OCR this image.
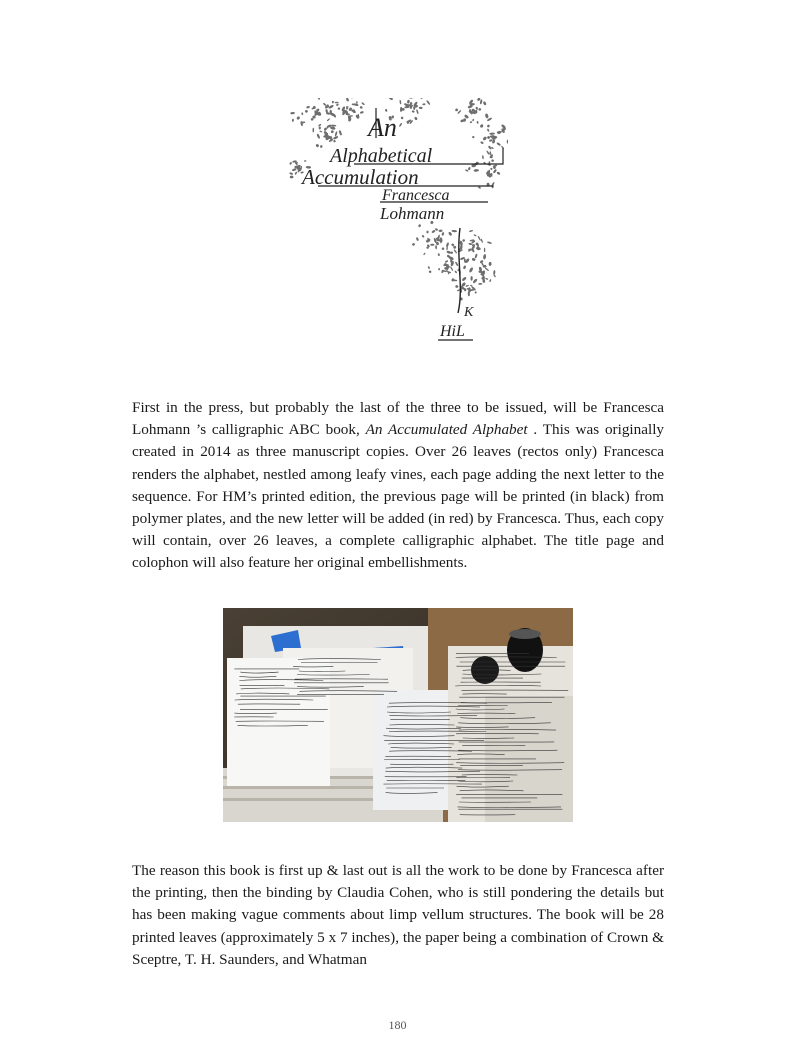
An
Alphabetical
Accumulation
Francesca
Lohmann
K
HiL

First in the press, but probably the last of the three to be issued, will be Francesca Lohmann ’s calligraphic ABC book, An Accumulated Alphabet . This was originally created in 2014 as three manuscript copies. Over 26 leaves (rectos only) Francesca renders the alphabet, nestled among leafy vines, each page adding the next letter to the sequence. For HM’s printed edition, the previous page will be printed (in black) from polymer plates, and the new letter will be added (in red) by Francesca. Thus, each copy will contain, over 26 leaves, a complete calligraphic alphabet. The title page and colophon will also feature her original embellishments.

The reason this book is first up & last out is all the work to be done by Francesca after the printing, then the binding by Claudia Cohen, who is still pondering the details but has been making vague comments about limp vellum structures. The book will be 28 printed leaves (approximately 5 x 7 inches), the paper being a combination of Crown & Sceptre, T. H. Saunders, and Whatman

180
